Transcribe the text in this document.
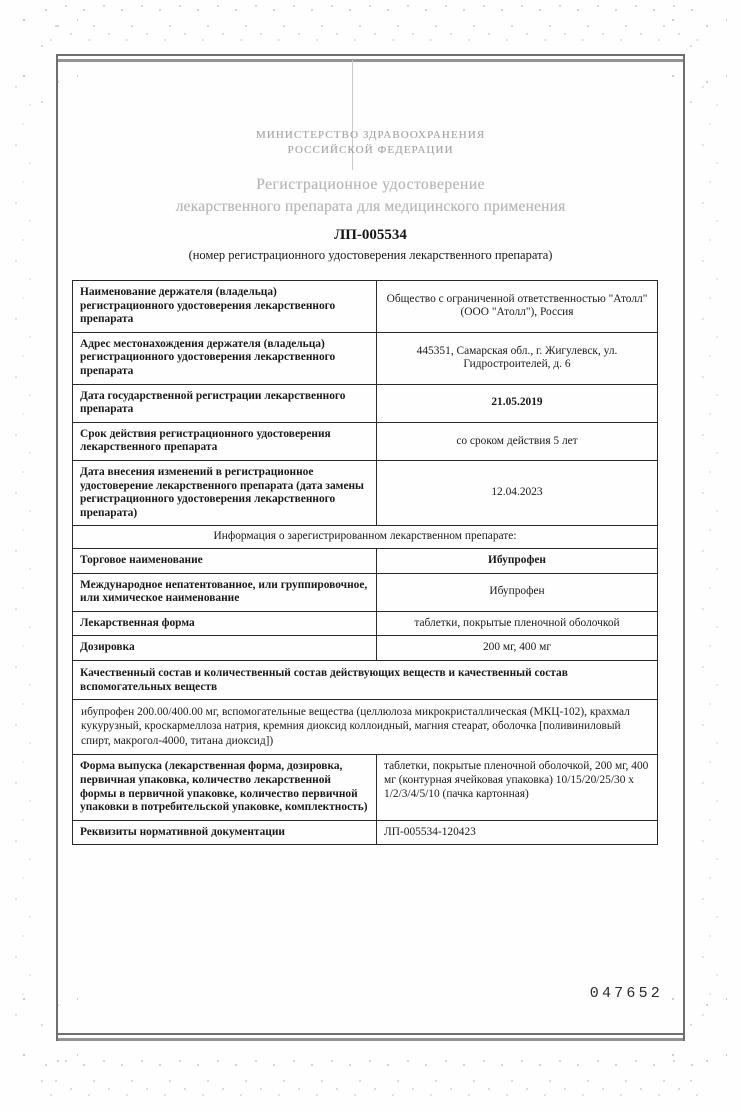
МИНИСТЕРСТВО ЗДРАВООХРАНЕНИЯ
РОССИЙСКОЙ ФЕДЕРАЦИИ
Регистрационное удостоверение
лекарственного препарата для медицинского применения
ЛП-005534
(номер регистрационного удостоверения лекарственного препарата)
Наименование держателя (владельца) регистрационного удостоверения лекарственного препарата	Общество с ограниченной ответственностью "Атолл" (ООО "Атолл"), Россия
Адрес местонахождения держателя (владельца) регистрационного удостоверения лекарственного препарата	445351, Самарская обл., г. Жигулевск, ул. Гидростроителей, д. 6
Дата государственной регистрации лекарственного препарата	21.05.2019
Срок действия регистрационного удостоверения лекарственного препарата	со сроком действия 5 лет
Дата внесения изменений в регистрационное удостоверение лекарственного препарата (дата замены регистрационного удостоверения лекарственного препарата)	12.04.2023
Информация о зарегистрированном лекарственном препарате:	
Торговое наименование	Ибупрофен
Международное непатентованное, или группировочное, или химическое наименование	Ибупрофен
Лекарственная форма	таблетки, покрытые пленочной оболочкой
Дозировка	200 мг, 400 мг
Качественный состав и количественный состав действующих веществ и качественный состав вспомогательных веществ	
ибупрофен 200.00/400.00 мг, вспомогательные вещества (целлюлоза микрокристаллическая (МКЦ-102), крахмал кукурузный, кроскармеллоза натрия, кремния диоксид коллоидный, магния стеарат, оболочка [поливиниловый спирт, макрогол-4000, титана диоксид])	
Форма выпуска (лекарственная форма, дозировка, первичная упаковка, количество лекарственной формы в первичной упаковке, количество первичной упаковки в потребительской упаковке, комплектность)	таблетки, покрытые пленочной оболочкой, 200 мг, 400 мг (контурная ячейковая упаковка) 10/15/20/25/30 х 1/2/3/4/5/10 (пачка картонная)
Реквизиты нормативной документации	ЛП-005534-120423
047652
